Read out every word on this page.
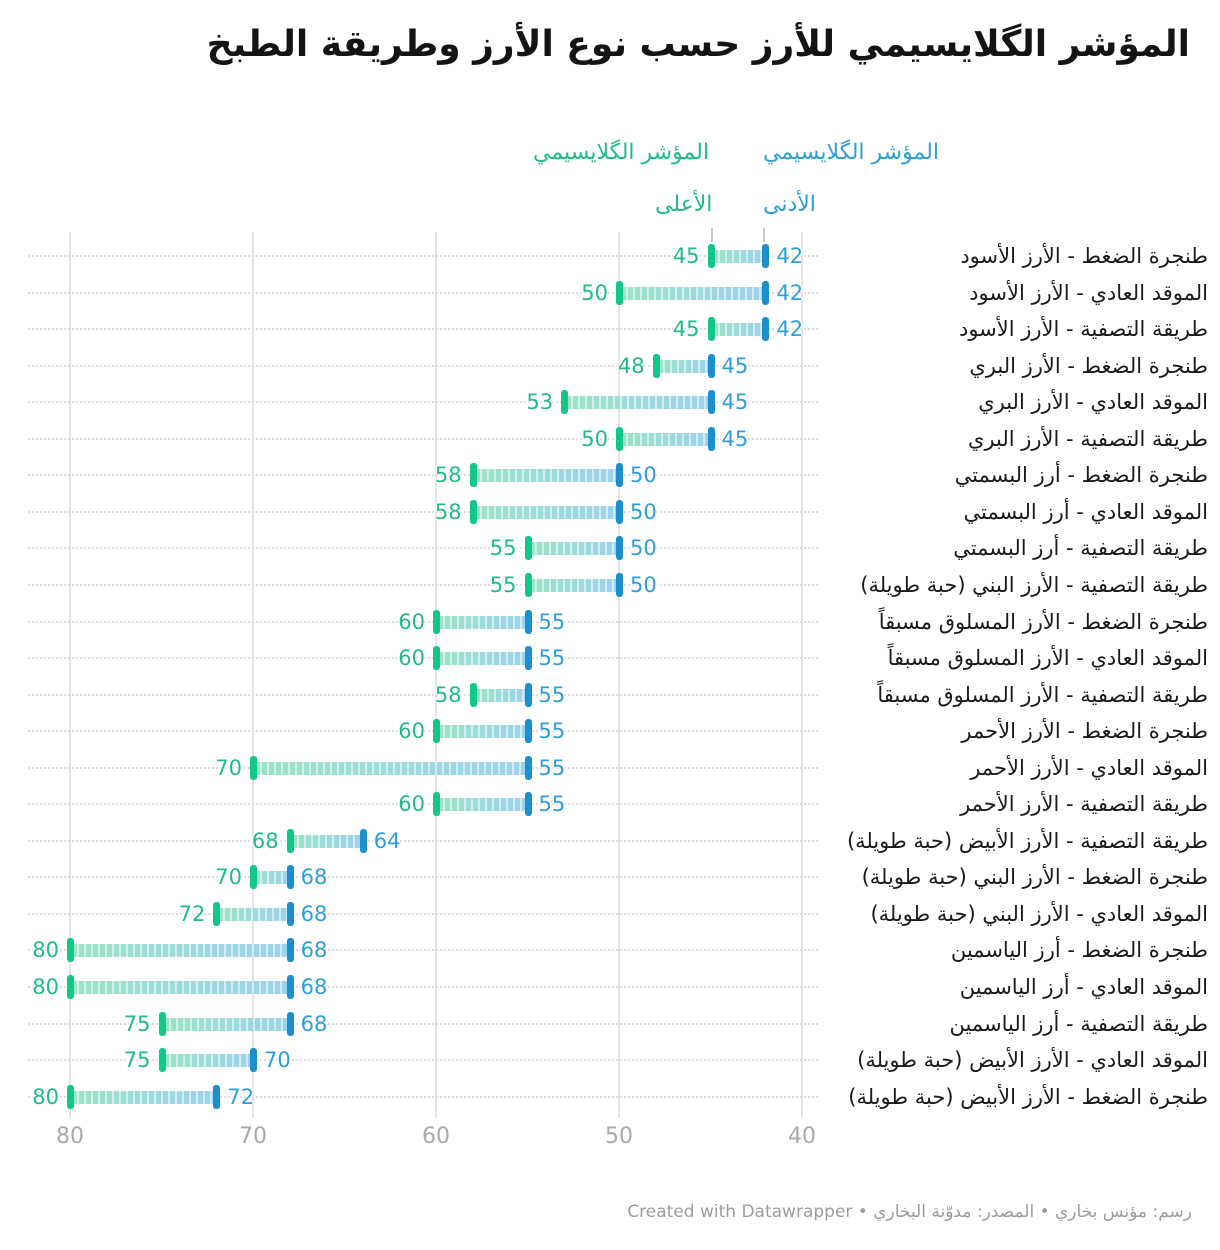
المؤشر الگلايسيمي للأرز حسب نوع الأرز وطريقة الطبخ
المؤشر الگلايسيمي المؤشر الگلايسيمي
الأعلى الأدنى
80	70	60	50	40
45	42	طنجرة الضغط - الأرز الأسود
50	42	الموقد العادي - الأرز الأسود
45	42	طريقة التصفية - الأرز الأسود
48	45	طنجرة الضغط - الأرز البري
53	45	الموقد العادي - الأرز البري
50	45	طريقة التصفية - الأرز البري
58	50	طنجرة الضغط - أرز البسمتي
58	50	الموقد العادي - أرز البسمتي
55	50	طريقة التصفية - أرز البسمتي
55	50	طريقة التصفية - الأرز البني (حبة طويلة)
60	55	طنجرة الضغط - الأرز المسلوق مسبقاً
60	55	الموقد العادي - الأرز المسلوق مسبقاً
58	55	طريقة التصفية - الأرز المسلوق مسبقاً
60	55	طنجرة الضغط - الأرز الأحمر
70	55	الموقد العادي - الأرز الأحمر
60	55	طريقة التصفية - الأرز الأحمر
68	64	طريقة التصفية - الأرز الأبيض (حبة طويلة)
70	68	طنجرة الضغط - الأرز البني (حبة طويلة)
72	68	الموقد العادي - الأرز البني (حبة طويلة)
80	68	طنجرة الضغط - أرز الياسمين
80	68	الموقد العادي - أرز الياسمين
75	68	طريقة التصفية - أرز الياسمين
75	70	الموقد العادي - الأرز الأبيض (حبة طويلة)
80	72	طنجرة الضغط - الأرز الأبيض (حبة طويلة)
رسم: مؤنس بخاري • المصدر: مدوّنة البخاري • Created with Datawrapper
